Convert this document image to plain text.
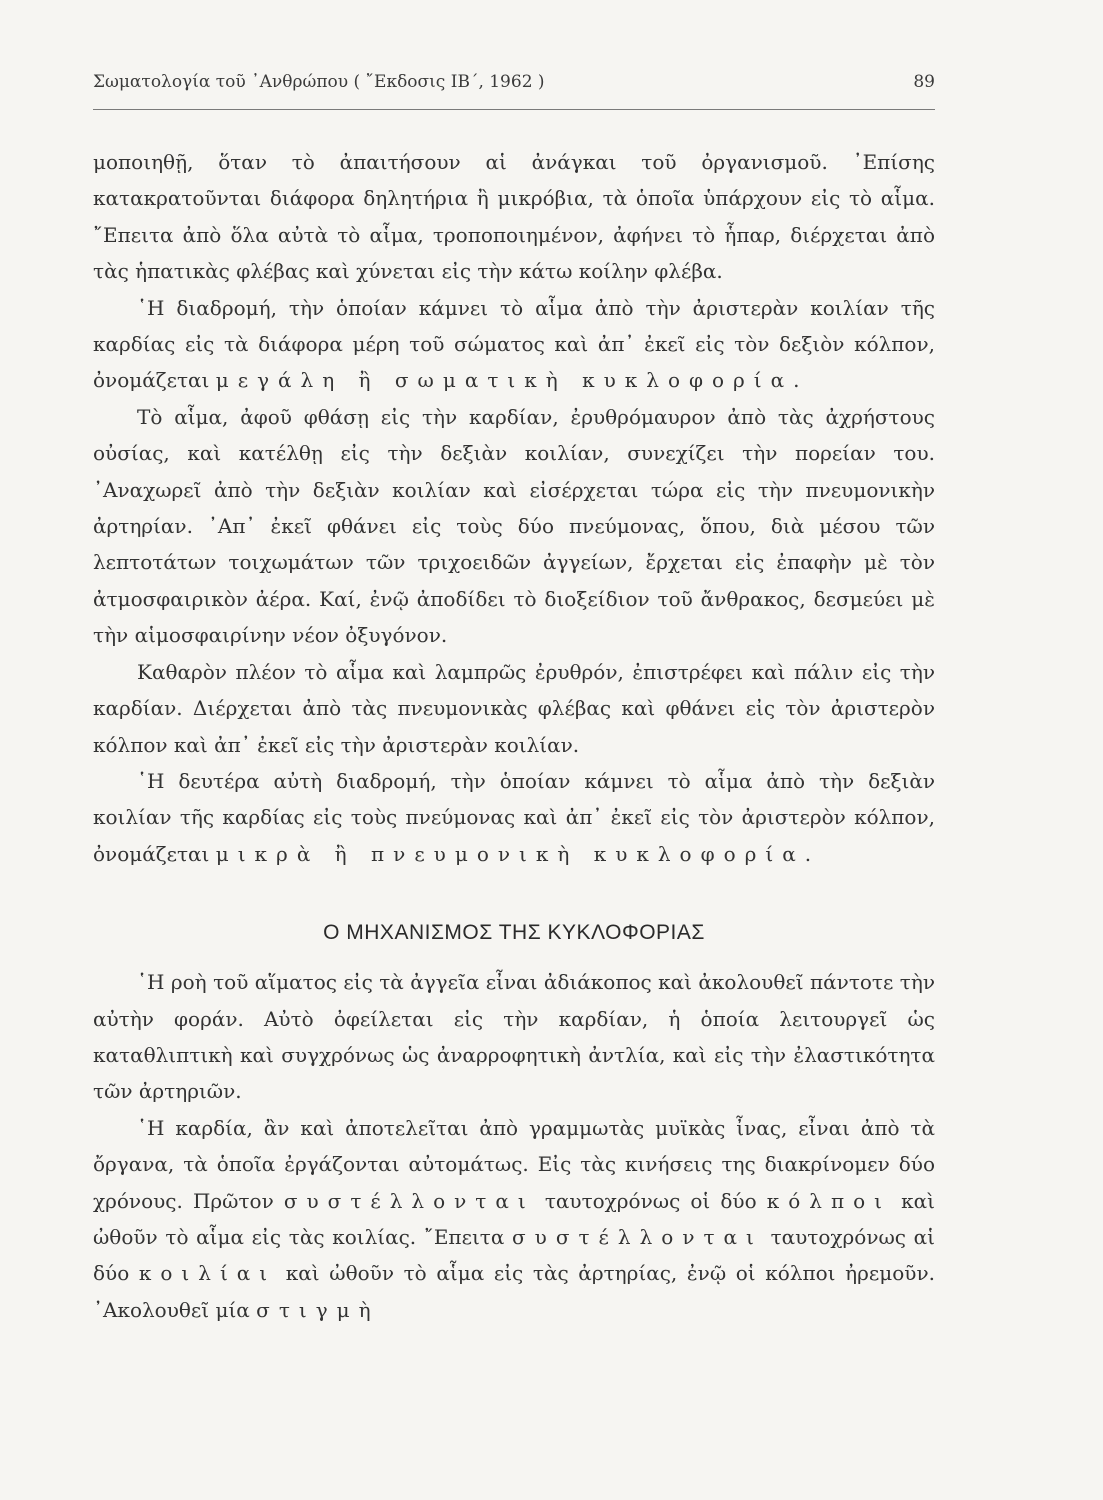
Σωματολογία τοῦ ᾽Ανθρώπου ( ῎Εκδοσις ΙΒ΄, 1962 )	89

μοποιηθῇ, ὅταν τὸ ἀπαιτήσουν αἱ ἀνάγκαι τοῦ ὀργανισμοῦ. ᾽Επίσης κατακρατοῦνται διάφορα δηλητήρια ἢ μικρόβια, τὰ ὁποῖα ὑπάρχουν εἰς τὸ αἷμα. ῎Επειτα ἀπὸ ὅλα αὐτὰ τὸ αἷμα, τροποποιημένον, ἀφήνει τὸ ἧπαρ, διέρχεται ἀπὸ τὰς ἡπατικὰς φλέβας καὶ χύνεται εἰς τὴν κάτω κοίλην φλέβα.

῾Η διαδρομή, τὴν ὁποίαν κάμνει τὸ αἷμα ἀπὸ τὴν ἀριστερὰν κοιλίαν τῆς καρδίας εἰς τὰ διάφορα μέρη τοῦ σώματος καὶ ἀπ᾽ ἐκεῖ εἰς τὸν δεξιὸν κόλπον, ὀνομάζεται μεγάλη ἢ σωματικὴ κυκλοφορία.

Τὸ αἷμα, ἀφοῦ φθάσῃ εἰς τὴν καρδίαν, ἐρυθρόμαυρον ἀπὸ τὰς ἀχρήστους οὐσίας, καὶ κατέλθῃ εἰς τὴν δεξιὰν κοιλίαν, συνεχίζει τὴν πορείαν του. ᾽Αναχωρεῖ ἀπὸ τὴν δεξιὰν κοιλίαν καὶ εἰσέρχεται τώρα εἰς τὴν πνευμονικὴν ἀρτηρίαν. ᾽Απ᾽ ἐκεῖ φθάνει εἰς τοὺς δύο πνεύμονας, ὅπου, διὰ μέσου τῶν λεπτοτάτων τοιχωμάτων τῶν τριχοειδῶν ἀγγείων, ἔρχεται εἰς ἐπαφὴν μὲ τὸν ἀτμοσφαιρικὸν ἀέρα. Καί, ἐνῷ ἀποδίδει τὸ διοξείδιον τοῦ ἄνθρακος, δεσμεύει μὲ τὴν αἱμοσφαιρίνην νέον ὀξυγόνον.

Καθαρὸν πλέον τὸ αἷμα καὶ λαμπρῶς ἐρυθρόν, ἐπιστρέφει καὶ πάλιν εἰς τὴν καρδίαν. Διέρχεται ἀπὸ τὰς πνευμονικὰς φλέβας καὶ φθάνει εἰς τὸν ἀριστερὸν κόλπον καὶ ἀπ᾽ ἐκεῖ εἰς τὴν ἀριστερὰν κοιλίαν.

῾Η δευτέρα αὐτὴ διαδρομή, τὴν ὁποίαν κάμνει τὸ αἷμα ἀπὸ τὴν δεξιὰν κοιλίαν τῆς καρδίας εἰς τοὺς πνεύμονας καὶ ἀπ᾽ ἐκεῖ εἰς τὸν ἀριστερὸν κόλπον, ὀνομάζεται μικρὰ ἢ πνευμονικὴ κυκλοφορία.

Ο ΜΗΧΑΝΙΣΜΟΣ ΤΗΣ ΚΥΚΛΟΦΟΡΙΑΣ

῾Η ροὴ τοῦ αἵματος εἰς τὰ ἀγγεῖα εἶναι ἀδιάκοπος καὶ ἀκολουθεῖ πάντοτε τὴν αὐτὴν φοράν. Αὐτὸ ὀφείλεται εἰς τὴν καρδίαν, ἡ ὁποία λειτουργεῖ ὡς καταθλιπτικὴ καὶ συγχρόνως ὡς ἀναρροφητικὴ ἀντλία, καὶ εἰς τὴν ἐλαστικότητα τῶν ἀρτηριῶν.

῾Η καρδία, ἂν καὶ ἀποτελεῖται ἀπὸ γραμμωτὰς μυϊκὰς ἶνας, εἶναι ἀπὸ τὰ ὄργανα, τὰ ὁποῖα ἐργάζονται αὐτομάτως. Εἰς τὰς κινήσεις της διακρίνομεν δύο χρόνους. Πρῶτον συστέλλονται ταυτοχρόνως οἱ δύο κόλποι καὶ ὠθοῦν τὸ αἷμα εἰς τὰς κοιλίας. ῎Επειτα συστέλλονται ταυτοχρόνως αἱ δύο κοιλίαι καὶ ὠθοῦν τὸ αἷμα εἰς τὰς ἀρτηρίας, ἐνῷ οἱ κόλποι ἠρεμοῦν. ᾽Ακολουθεῖ μία στιγμὴ
